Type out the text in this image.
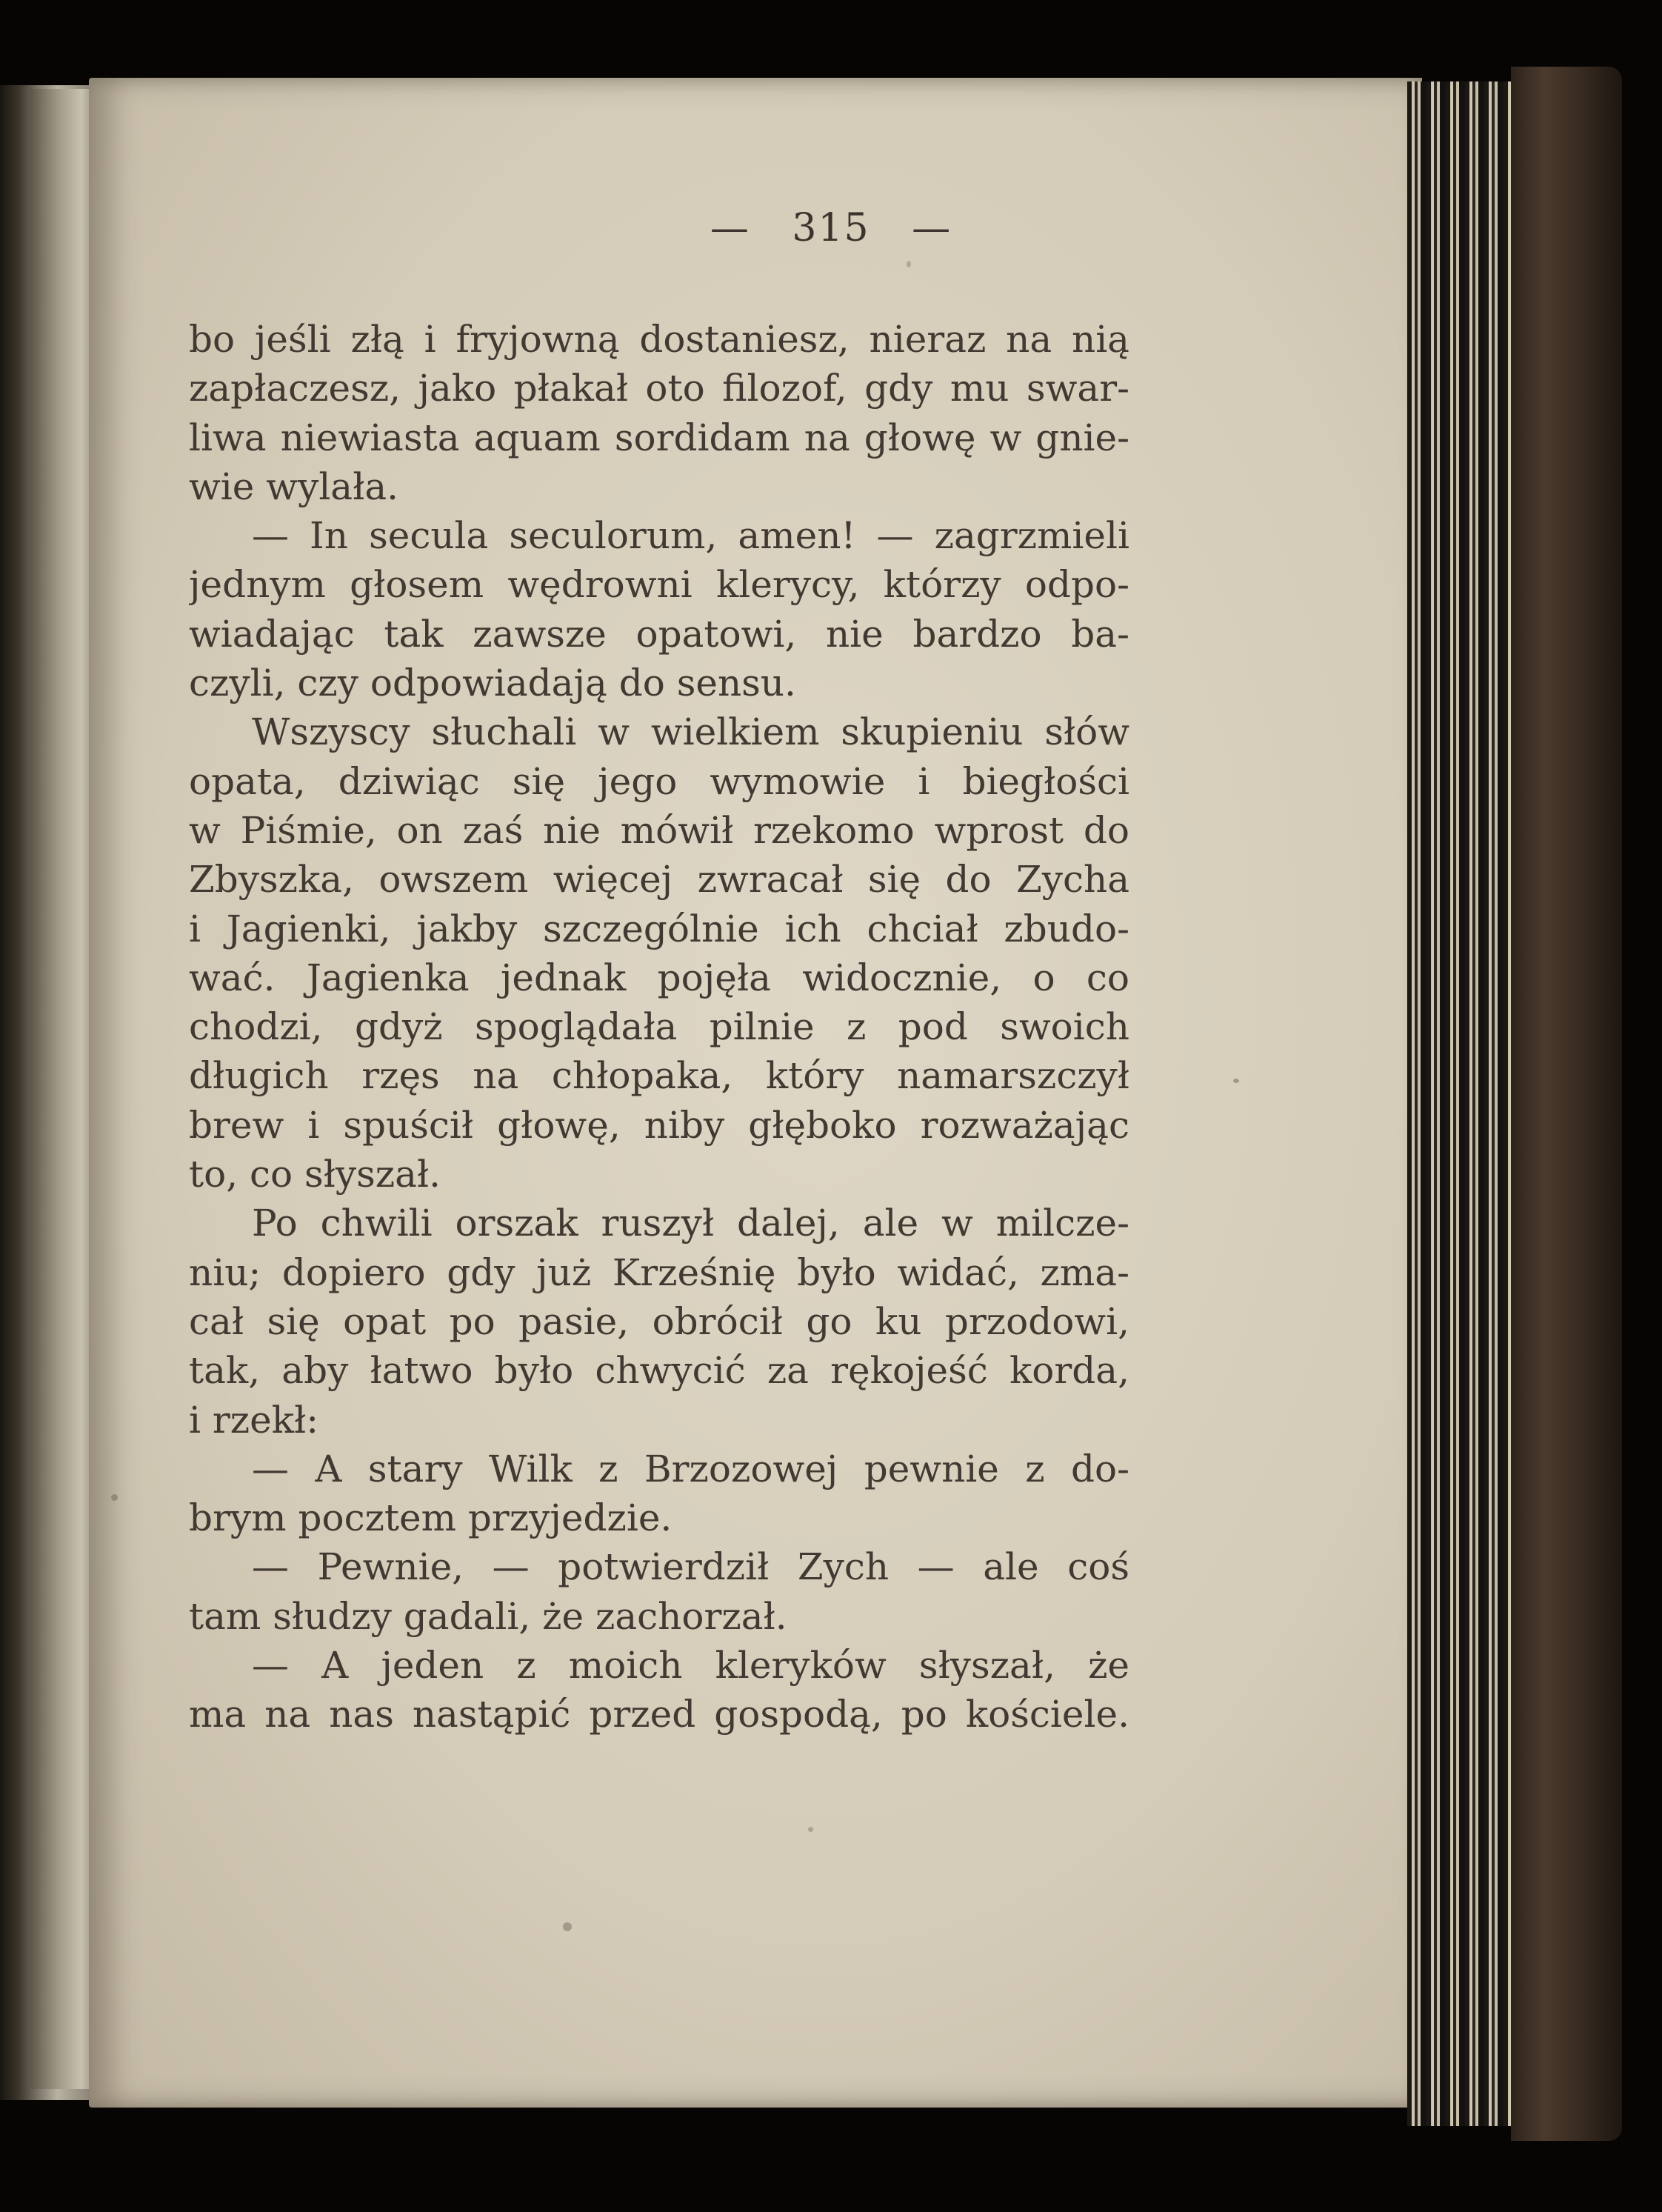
— 315 —
bo jeśli złą i fryjowną dostaniesz, nieraz na nią
zapłaczesz, jako płakał oto filozof, gdy mu swar-
liwa niewiasta aquam sordidam na głowę w gnie-
wie wylała.
— In secula seculorum, amen! — zagrzmieli
jednym głosem wędrowni klerycy, którzy odpo-
wiadając tak zawsze opatowi, nie bardzo ba-
czyli, czy odpowiadają do sensu.
Wszyscy słuchali w wielkiem skupieniu słów
opata, dziwiąc się jego wymowie i biegłości
w Piśmie, on zaś nie mówił rzekomo wprost do
Zbyszka, owszem więcej zwracał się do Zycha
i Jagienki, jakby szczególnie ich chciał zbudo-
wać. Jagienka jednak pojęła widocznie, o co
chodzi, gdyż spoglądała pilnie z pod swoich
długich rzęs na chłopaka, który namarszczył
brew i spuścił głowę, niby głęboko rozważając
to, co słyszał.
Po chwili orszak ruszył dalej, ale w milcze-
niu; dopiero gdy już Krześnię było widać, zma-
cał się opat po pasie, obrócił go ku przodowi,
tak, aby łatwo było chwycić za rękojeść korda,
i rzekł:
— A stary Wilk z Brzozowej pewnie z do-
brym pocztem przyjedzie.
— Pewnie, — potwierdził Zych — ale coś
tam słudzy gadali, że zachorzał.
— A jeden z moich kleryków słyszał, że
ma na nas nastąpić przed gospodą, po kościele.
